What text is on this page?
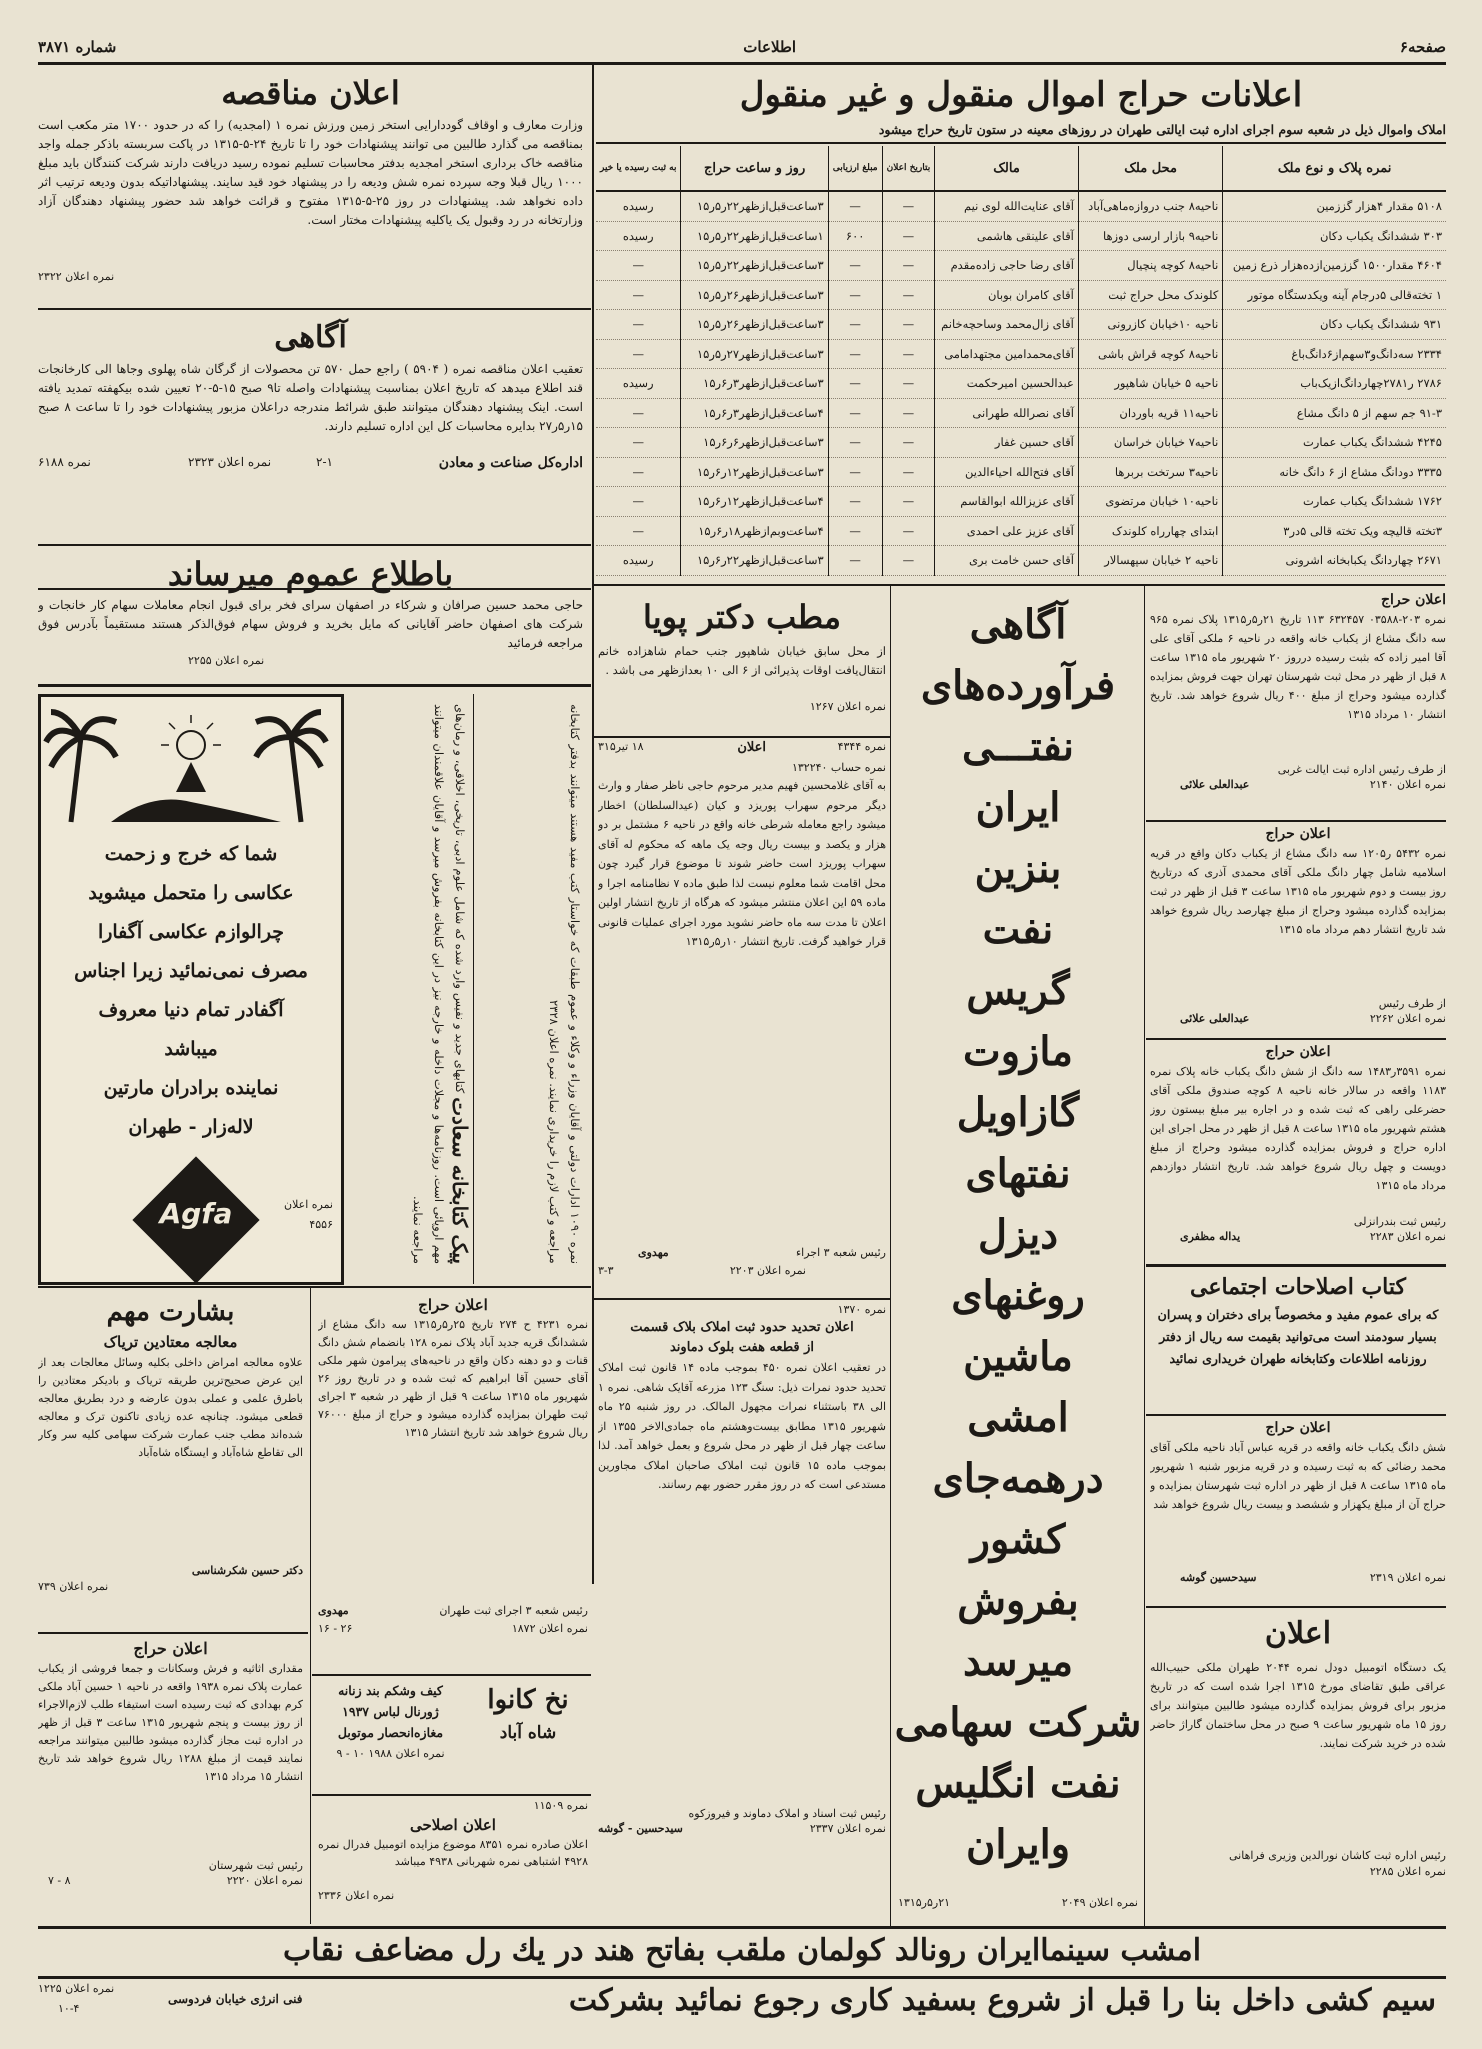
صفحه۶
اطلاعات
شماره ۳۸۷۱
اعلانات حراج اموال منقول و غیر منقول
املاک واموال ذیل در شعبه سوم اجرای اداره ثبت ایالتی طهران در روزهای معینه در ستون تاریخ حراج میشود
نمره پلاک و نوع ملک	محل ملک	مالک	بتاریخ اعلان	مبلغ ارزیابی	روز و ساعت حراج	به ثبت رسیده یا خیر
۵۱۰۸ مقدار ۴هزار گززمین	ناحیه۸ جنب دروازه‌ماهی‌آباد	آقای عنایت‌الله لوی نیم	—	—	۳ساعت‌قبل‌ازظهر۲۲ر۵ر۱۵	رسیده
۳۰۳ ششدانگ یکباب دکان	ناحیه۹ بازار ارسی دوزها	آقای علینقی هاشمی	—	۶۰۰	۱ساعت‌قبل‌ازظهر۲۲ر۵ر۱۵	رسیده
۴۶۰۴ مقدار۱۵۰۰ گززمین‌ازده‌هزار ذرع زمین	ناحیه۸ کوچه پنچیال	آقای رضا حاجی زاده‌مقدم	—	—	۳ساعت‌قبل‌ازظهر۲۲ر۵ر۱۵	—
۱ تخته‌قالی ۵درجام آینه ویکدستگاه موتور	کلوندک محل حراج ثبت	آقای کامران بوبان	—	—	۳ساعت‌قبل‌ازظهر۲۶ر۵ر۱۵	—
۹۳۱ ششدانگ یکباب دکان	ناحیه ۱۰خیابان کازرونی	آقای زال‌محمد وساحچه‌خانم	—	—	۳ساعت‌قبل‌ازظهر۲۶ر۵ر۱۵	—
۲۳۳۴ سه‌دانگ‌و۳سهم‌از۶دانگ‌باغ	ناحیه۸ کوچه قراش باشی	آقای‌محمدامین مجتهدامامی	—	—	۳ساعت‌قبل‌ازظهر۲۷ر۵ر۱۵	—
۲۷۸۶ ر۲۷۸۱چهاردانگ‌از‌یک‌باب	ناحیه ۵ خیابان شاهپور	عبدالحسین امیرحکمت	—	—	۳ساعت‌قبل‌ازظهر۳ر۶ر۱۵	رسیده
۹۱-۳ جم سهم از ۵ دانگ مشاع	ناحیه۱۱ قریه باوردان	آقای نصرالله طهرانی	—	—	۴ساعت‌قبل‌ازظهر۳ر۶ر۱۵	—
۴۲۴۵ ششدانگ یکباب عمارت	ناحیه۷ خیابان خراسان	آقای حسین غفار	—	—	۳ساعت‌قبل‌ازظهر۶ر۶ر۱۵	—
۳۳۳۵ دودانگ مشاع از ۶ دانگ خانه	ناحیه۳ سرتخت بربرها	آقای فتح‌الله احیاء‌الدین	—	—	۳ساعت‌قبل‌ازظهر۱۲ر۶ر۱۵	—
۱۷۶۲ ششدانگ یکباب عمارت	ناحیه۱۰ خیابان مرتضوی	آقای عزیزالله ابوالقاسم	—	—	۴ساعت‌قبل‌ازظهر۱۲ر۶ر۱۵	—
۳تخته قالیچه ویک تخته قالی ۵در۳	ابتدای چهارراه کلوندک	آقای عزیز علی احمدی	—	—	۴ساعت‌وبم‌ازظهر۱۸ر۶ر۱۵	—
۲۶۷۱ چهاردانگ یکبابخانه اشرونی	ناحیه ۲ خیابان سپهسالار	آقای حسن خامت بری	—	—	۳ساعت‌قبل‌ازظهر۲۲ر۶ر۱۵	رسیده
اعلان مناقصه
وزارت معارف و اوقاف گوددارایی استخر زمین ورزش نمره ۱ (امجدیه) را که در حدود ۱۷۰۰ متر مکعب است بمناقصه می گذارد طالبین می توانند پیشنهادات خود را تا تاریخ ۲۴-۵-۱۳۱۵ در پاکت سربسته باذکر جمله واجد مناقصه خاک برداری استخر امجدیه بدفتر محاسبات تسلیم نموده رسید دریافت دارند شرکت کنندگان باید مبلغ ۱۰۰۰ ریال قبلا وجه سپرده نمره شش ودیعه را در پیشنهاد خود قید سایند. پیشنهاداتیکه بدون ودیعه ترتیب اثر داده نخواهد شد. پیشنهادات در روز ۲۵-۵-۱۳۱۵ مفتوح و قرائت خواهد شد حضور پیشنهاد دهندگان آزاد وزارتخانه در رد وقبول یک یاکلیه پیشنهادات مختار است.
نمره اعلان ۲۳۲۲
آگاهی
تعقیب اعلان مناقصه نمره ( ۵۹۰۴ ) راجع حمل ۵۷۰ تن محصولات از گرگان شاه پهلوی وجاها الی کارخانجات قند اطلاع میدهد که تاریخ اعلان بمناسبت پیشنهادات واصله تا۹ صبح ۱۵-۵-۲۰ تعیین شده بیکهفته تمدید یافته است. اینک پیشنهاد دهندگان میتوانند طبق شرائط مندرجه دراعلان مزبور پیشنهادات خود را تا ساعت ۸ صبح ۱۵ر۵ر۲۷ بدایره محاسبات کل این اداره تسلیم دارند.
اداره‌کل صناعت و معادن
۲-۱
نمره اعلان ۲۳۲۳
نمره ۶۱۸۸
باطلاع عموم میرساند
حاجی محمد حسین صرافان و شرکاء در اصفهان سرای فخر برای قبول انجام معاملات سهام کار خانجات و شرکت های اصفهان حاضر آقایانی که مایل بخرید و فروش سهام فوق‌الذکر هستند مستقیماً بآدرس فوق مراجعه فرمائید
نمره اعلان ۲۲۵۵
شما که خرج و زحمت
عکاسی را متحمل میشوید
چرالوازم عکاسی آگفارا
مصرف نمی‌نمائید زیرا اجناس
آگفادر تمام دنیا معروف
میباشد
نماینده برادران مارتین
لاله‌زار - طهران
نمره اعلان
۴۵۵۶
Agfa	پیک کتابخانه سعادت کتابهای جدید و نفیس وارد شده که شامل علوم ادبی، تاریخی، اخلاقی، و رمان‌های مهم اروپائی است. روزنامه‌ها و مجلات داخله و خارجه نیز در این کتابخانه بفروش میرسد و آقایان علاقمندان میتوانند مراجعه نمایند.
نمره ۱۰۹۰ ادارات دولتی و آقایان وزراء و وکلاء و عموم طبقات که خواستار کتب مفید هستند میتوانند بدفتر کتابخانه مراجعه و کتب لازم را خریداری نمایند. نمره اعلان ۲۳۲۸
بشارت مهم
معالجه معتادین تریاک
علاوه معالجه امراض داخلی بکلیه وسائل معالجات بعد از این عرض صحیح‌ترین طریقه تریاک و بادیکر معتادین را باطرق علمی و عملی بدون عارضه و درد بطریق معالجه قطعی میشود. چنانچه عده زیادی تاکنون ترک و معالجه شده‌اند مطب جنب عمارت شرکت سهامی کلیه سر وکار الی تقاطع شاه‌آباد و ایستگاه شاه‌آباد
دکتر حسین شکرشناسی
نمره اعلان ۷۳۹
اعلان حراج
مقداری اثاثیه و فرش وسکانات و جمعا فروشی از یکباب عمارت پلاک نمره ۱۹۳۸ واقعه در ناحیه ۱ حسین آباد ملکی کرم بهدادی که ثبت رسیده است استیفاء طلب لازم‌الاجراء از روز بیست و پنجم شهریور ۱۳۱۵ ساعت ۳ قبل از ظهر در اداره ثبت مجاز گذارده میشود طالبین میتوانند مراجعه نمایند قیمت از مبلغ ۱۲۸۸ ریال شروع خواهد شد تاریخ انتشار ۱۵ مرداد ۱۳۱۵
رئیس ثبت شهرستان
نمره اعلان ۲۲۲۰
۸ - ۷
اعلان حراج
نمره ۴۲۳۱ ح ۲۷۴ تاریخ ۲۵ر۵ر۱۳۱۵ سه دانگ مشاع از ششدانگ قریه جدید آباد پلاک نمره ۱۲۸ بانضمام شش دانگ قنات و دو دهنه دکان واقع در ناحیه‌های پیرامون شهر ملکی آقای حسین آقا ابراهیم که ثبت شده و در تاریخ روز ۲۶ شهریور ماه ۱۳۱۵ ساعت ۹ قبل از ظهر در شعبه ۳ اجرای ثبت طهران بمزایده گذارده میشود و حراج از مبلغ ۷۶۰۰۰ ریال شروع خواهد شد تاریخ انتشار ۱۳۱۵
رئیس شعبه ۳ اجرای ثبت طهران
مهدوی
نمره اعلان ۱۸۷۲
۲۶ - ۱۶
نخ کانوا
شاه آباد
کیف وشکم بند زنانه
ژورنال لباس ۱۹۳۷
مغازه‌انحصار موتوبل
نمره اعلان ۱۹۸۸ ۱۰ - ۹
نمره ۱۱۵۰۹
اعلان اصلاحی
اعلان صادره نمره ۸۳۵۱ موضوع مزایده اتومبیل فدرال نمره ۴۹۲۸ اشتباهی نمره شهربانی ۴۹۳۸ میباشد
نمره اعلان ۲۳۳۶
مطب دکتر پویا
از محل سابق خیابان شاهپور جنب حمام شاهزاده خانم انتقال‌یافت اوقات پذیرائی از ۶ الی ۱۰ بعدازظهر می باشد .
نمره اعلان ۱۲۶۷
نمره ۴۳۴۴
اعلان
۱۸ تیر۳۱۵
نمره حساب ۱۳۲۲۴۰
به آقای غلامحسین فهیم مدیر مرحوم حاجی ناظر صفار و وارث دیگر مرحوم سهراب پوریزد و کیان (عیدالسلطان) اخطار میشود راجع معامله شرطی خانه واقع در ناحیه ۶ مشتمل بر دو هزار و یکصد و بیست ریال وجه یک ماهه که محکوم له آقای سهراب پوریزد است حاضر شوند تا موضوع قرار گیرد چون محل اقامت شما معلوم نیست لذا طبق ماده ۷ نظامنامه اجرا و ماده ۵۹ این اعلان منتشر میشود که هرگاه از تاریخ انتشار اولین اعلان تا مدت سه ماه حاضر نشوید مورد اجرای عملیات قانونی قرار خواهید گرفت. تاریخ انتشار ۱۰ر۵ر۱۳۱۵
رئیس شعبه ۳ اجراء
مهدوی
نمره اعلان ۲۲۰۳
۳-۳
نمره ۱۳۷۰
اعلان تحدید حدود ثبت املاک بلاک قسمت
از قطعه هفت بلوک دماوند
در تعقیب اعلان نمره ۴۵۰ بموجب ماده ۱۴ قانون ثبت املاک تحدید حدود نمرات ذیل: سنگ ۱۲۳ مزرعه آقایک شاهی. نمره ۱ الی ۳۸ باستثناء نمرات مجهول المالک. در روز شنبه ۲۵ ماه شهریور ۱۳۱۵ مطابق بیست‌وهشتم ماه جمادی‌الاخر ۱۳۵۵ از ساعت چهار قبل از ظهر در محل شروع و بعمل خواهد آمد. لذا بموجب ماده ۱۵ قانون ثبت املاک صاحبان املاک مجاورین مستدعی است که در روز مقرر حضور بهم رسانند.
رئیس ثبت اسناد و املاک دماوند و فیروزکوه
نمره اعلان ۲۳۳۷
سیدحسین - گوشه
آگاهی
فرآورده‌های
نفتـــی
ایران
بنزین
نفت
گریس
مازوت
گازاویل
نفتهای
دیزل
روغنهای
ماشین
امشی
درهمه‌جای
کشور
بفروش
میرسد
شرکت سهامی
نفت انگلیس
وایران
نمره اعلان ۲۰۴۹
۲۱ر۵ر۱۳۱۵
اعلان حراج
نمره ۲۰۳-۰۳۵۸۸ ۶۳۲۴۵۷ ۱۱۳ تاریخ ۲۱ر۵ر۱۳۱۵ پلاک نمره ۹۶۵ سه دانگ مشاع از یکباب خانه واقعه در ناحیه ۶ ملکی آقای علی آقا امیر زاده که بثبت رسیده درروز ۲۰ شهریور ماه ۱۳۱۵ ساعت ۸ قبل از ظهر در محل ثبت شهرستان تهران جهت فروش بمزایده گذارده میشود وحراج از مبلغ ۴۰۰ ریال شروع خواهد شد. تاریخ انتشار ۱۰ مرداد ۱۳۱۵
از طرف رئیس اداره ثبت ایالت غربی
نمره اعلان ۲۱۴۰
عبدالعلی علائی
اعلان حراج
نمره ۵۴۳۲ ر۱۲۰۵ سه دانگ مشاع از یکباب دکان واقع در قریه اسلامیه شامل چهار دانگ ملکی آقای محمدی آذری که درتاریخ روز بیست و دوم شهریور ماه ۱۳۱۵ ساعت ۳ قبل از ظهر در ثبت بمزایده گذارده میشود وحراج از مبلغ چهارصد ریال شروع خواهد شد تاریخ انتشار دهم مرداد ماه ۱۳۱۵
از طرف رئیس
نمره اعلان ۲۲۶۲
عبدالعلی علائی
اعلان حراج
نمره ۳۵۹۱ر۱۴۸۳ سه دانگ از شش دانگ یکباب خانه پلاک نمره ۱۱۸۳ واقعه در سالار خانه ناحیه ۸ کوچه صندوق ملکی آقای حضرعلی راهی که ثبت شده و در اجاره بیر مبلغ بیستون روز هشتم شهریور ماه ۱۳۱۵ ساعت ۸ قبل از ظهر در محل اجرای این اداره حراج و فروش بمزایده گذارده میشود وحراج از مبلغ دویست و چهل ریال شروع خواهد شد. تاریخ انتشار دوازدهم مرداد ماه ۱۳۱۵
رئیس ثبت بندرانزلی
نمره اعلان ۲۲۸۳
یداله مظفری
کتاب اصلاحات اجتماعی
که برای عموم مفید و مخصوصاً برای دختران و پسران بسیار سودمند است می‌توانید بقیمت سه ریال از دفتر روزنامه اطلاعات وکتابخانه طهران خریداری نمائید
اعلان حراج
شش دانگ یکباب خانه واقعه در قریه عباس آباد ناحیه ملکی آقای محمد رضائی که به ثبت رسیده و در قریه مزبور شنبه ۱ شهریور ماه ۱۳۱۵ ساعت ۸ قبل از ظهر در اداره ثبت شهرستان بمزایده و حراج آن از مبلغ یکهزار و ششصد و بیست ریال شروع خواهد شد
نمره اعلان ۲۳۱۹
سیدحسین گوشه
اعلان
یک دستگاه اتومبیل دودل نمره ۲۰۴۴ طهران ملکی حبیب‌الله عراقی طبق تقاضای مورخ ۱۳۱۵ اجرا شده است که در تاریخ مزبور برای فروش بمزایده گذارده میشود طالبین میتوانند برای روز ۱۵ ماه شهریور ساعت ۹ صبح در محل ساختمان گاراژ حاضر شده در خرید شرکت نمایند.
رئیس اداره ثبت کاشان نورالدین وزیری فراهانی
نمره اعلان ۲۲۸۵
امشب سینماایران رونالد کولمان ملقب بفاتح هند در یك رل مضاعف نقاب
سیم کشی داخل بنا را قبل از شروع بسفید کاری رجوع نمائید بشرکت
فنی انرژی خیابان فردوسی
نمره اعلان ۱۲۲۵
۱۰-۴
